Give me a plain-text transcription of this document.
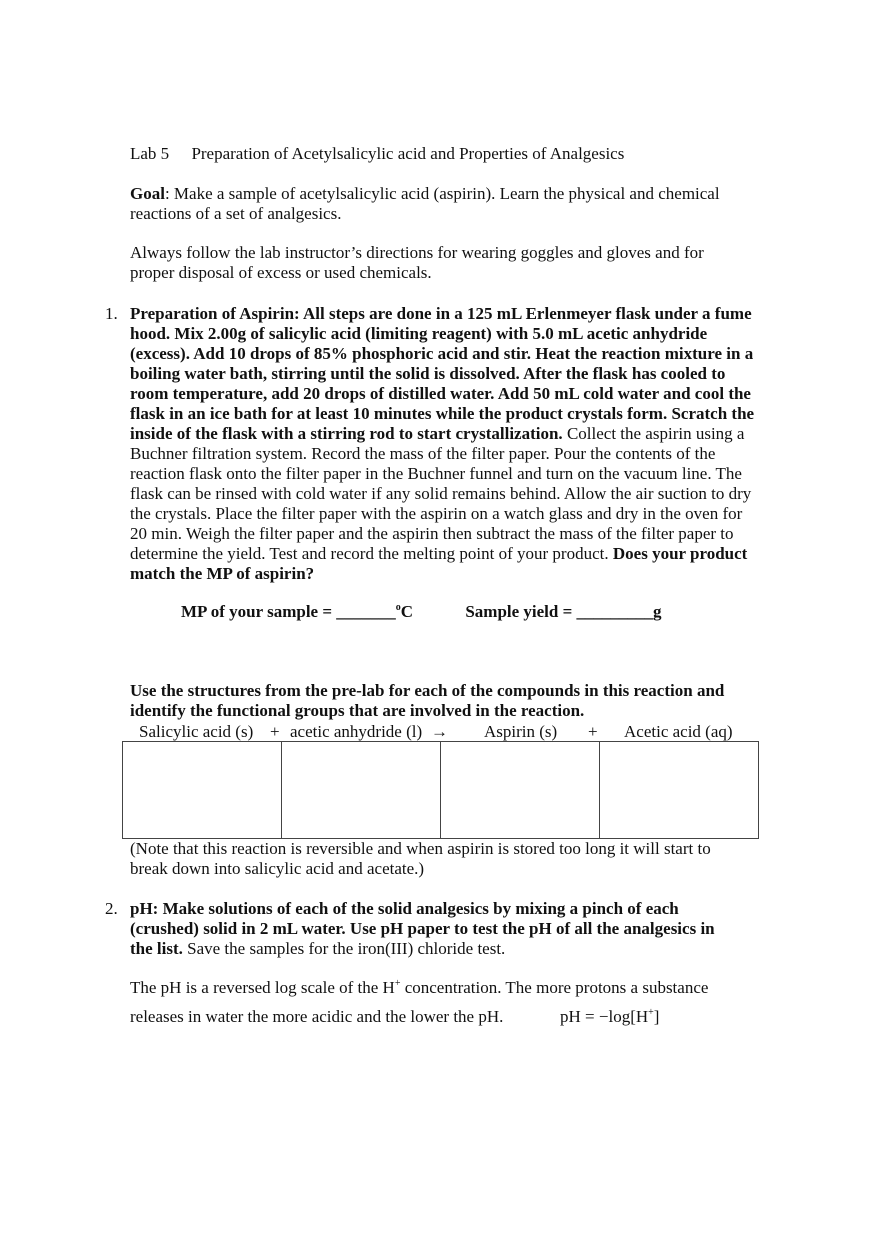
Lab 5 Preparation of Acetylsalicylic acid and Properties of Analgesics
Goal: Make a sample of acetylsalicylic acid (aspirin). Learn the physical and chemical reactions of a set of analgesics.
Always follow the lab instructor’s directions for wearing goggles and gloves and for proper disposal of excess or used chemicals.
1. Preparation of Aspirin: All steps are done in a 125 mL Erlenmeyer flask under a fume hood. Mix 2.00g of salicylic acid (limiting reagent) with 5.0 mL acetic anhydride (excess). Add 10 drops of 85% phosphoric acid and stir. Heat the reaction mixture in a boiling water bath, stirring until the solid is dissolved. After the flask has cooled to room temperature, add 20 drops of distilled water. Add 50 mL cold water and cool the flask in an ice bath for at least 10 minutes while the product crystals form. Scratch the inside of the flask with a stirring rod to start crystallization. Collect the aspirin using a Buchner filtration system. Record the mass of the filter paper. Pour the contents of the reaction flask onto the filter paper in the Buchner funnel and turn on the vacuum line. The flask can be rinsed with cold water if any solid remains behind. Allow the air suction to dry the crystals. Place the filter paper with the aspirin on a watch glass and dry in the oven for 20 min. Weigh the filter paper and the aspirin then subtract the mass of the filter paper to determine the yield. Test and record the melting point of your product. Does your product match the MP of aspirin?
MP of your sample = _______$^o$C	Sample yield = _________g
Use the structures from the pre-lab for each of the compounds in this reaction and identify the functional groups that are involved in the reaction.
Salicylic acid (s) + acetic anhydride (l) → Aspirin (s) + Acetic acid (aq)

(Note that this reaction is reversible and when aspirin is stored too long it will start to break down into salicylic acid and acetate.)
2. pH: Make solutions of each of the solid analgesics by mixing a pinch of each (crushed) solid in 2 mL water. Use pH paper to test the pH of all the analgesics in the list. Save the samples for the iron(III) chloride test.
The pH is a reversed log scale of the H+ concentration. The more protons a substance
releases in water the more acidic and the lower the pH.	pH = −log[H+]
